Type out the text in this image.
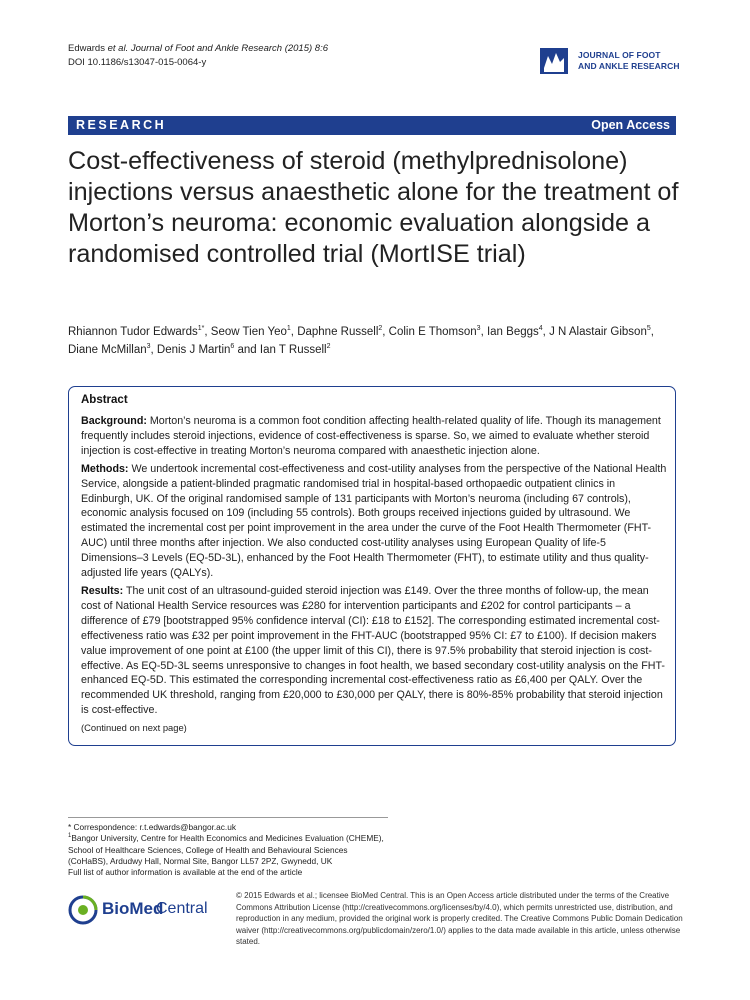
Edwards et al. Journal of Foot and Ankle Research (2015) 8:6
DOI 10.1186/s13047-015-0064-y
JOURNAL OF FOOT
AND ANKLE RESEARCH
RESEARCH	Open Access
Cost-effectiveness of steroid (methylprednisolone) injections versus anaesthetic alone for the treatment of Morton’s neuroma: economic evaluation alongside a randomised controlled trial (MortISE trial)
Rhiannon Tudor Edwards$^{1*}$, Seow Tien Yeo$^1$, Daphne Russell$^2$, Colin E Thomson$^3$, Ian Beggs$^4$, J N Alastair Gibson$^5$, Diane McMillan$^3$, Denis J Martin$^6$ and Ian T Russell$^2$
Abstract

Background: Morton’s neuroma is a common foot condition affecting health-related quality of life. Though its management frequently includes steroid injections, evidence of cost-effectiveness is sparse. So, we aimed to evaluate whether steroid injection is cost-effective in treating Morton’s neuroma compared with anaesthetic injection alone.

Methods: We undertook incremental cost-effectiveness and cost-utility analyses from the perspective of the National Health Service, alongside a patient-blinded pragmatic randomised trial in hospital-based orthopaedic outpatient clinics in Edinburgh, UK. Of the original randomised sample of 131 participants with Morton’s neuroma (including 67 controls), economic analysis focused on 109 (including 55 controls). Both groups received injections guided by ultrasound. We estimated the incremental cost per point improvement in the area under the curve of the Foot Health Thermometer (FHT-AUC) until three months after injection. We also conducted cost-utility analyses using European Quality of life-5 Dimensions–3 Levels (EQ-5D-3L), enhanced by the Foot Health Thermometer (FHT), to estimate utility and thus quality-adjusted life years (QALYs).

Results: The unit cost of an ultrasound-guided steroid injection was £149. Over the three months of follow-up, the mean cost of National Health Service resources was £280 for intervention participants and £202 for control participants – a difference of £79 [bootstrapped 95% confidence interval (CI): £18 to £152]. The corresponding estimated incremental cost-effectiveness ratio was £32 per point improvement in the FHT-AUC (bootstrapped 95% CI: £7 to £100). If decision makers value improvement of one point at £100 (the upper limit of this CI), there is 97.5% probability that steroid injection is cost-effective. As EQ-5D-3L seems unresponsive to changes in foot health, we based secondary cost-utility analysis on the FHT-enhanced EQ-5D. This estimated the corresponding incremental cost-effectiveness ratio as £6,400 per QALY. Over the recommended UK threshold, ranging from £20,000 to £30,000 per QALY, there is 80%-85% probability that steroid injection is cost-effective.

(Continued on next page)

* Correspondence: r.t.edwards@bangor.ac.uk
$^1$Bangor University, Centre for Health Economics and Medicines Evaluation (CHEME), School of Healthcare Sciences, College of Health and Behavioural Sciences (CoHaBS), Ardudwy Hall, Normal Site, Bangor LL57 2PZ, Gwynedd, UK
Full list of author information is available at the end of the article
BioMed
Central
© 2015 Edwards et al.; licensee BioMed Central. This is an Open Access article distributed under the terms of the Creative Commons Attribution License (http://creativecommons.org/licenses/by/4.0), which permits unrestricted use, distribution, and reproduction in any medium, provided the original work is properly credited. The Creative Commons Public Domain Dedication waiver (http://creativecommons.org/publicdomain/zero/1.0/) applies to the data made available in this article, unless otherwise stated.
